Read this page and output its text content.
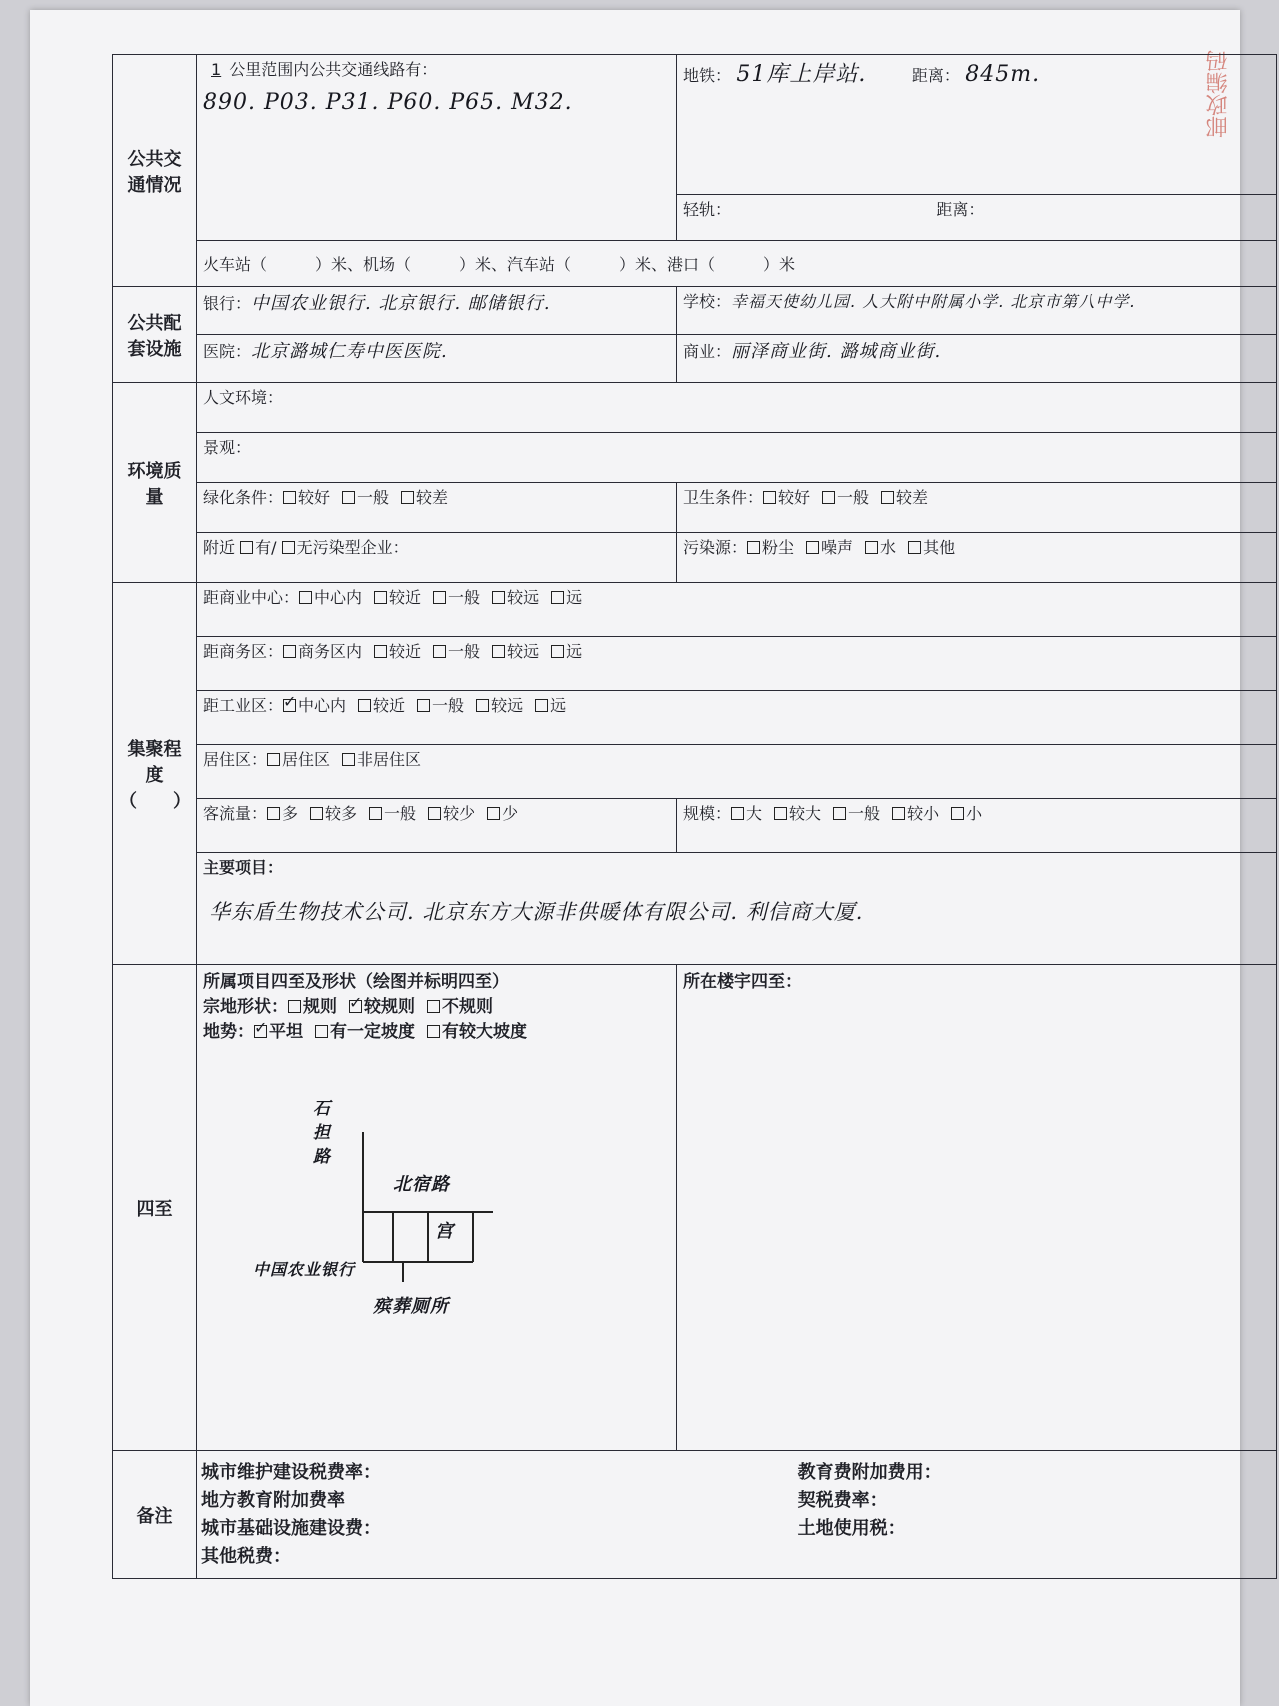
邮政编码
公共交通情况	
1 公里范围内公共交通线路有：
890. P03. P31. P60. P65. M32.
	地铁： 51库上岸站.	距离： 845m.
轻轨：	距离：
火车站（　　　）米、机场（　　　）米、汽车站（　　　）米、港口（　　　）米
公共配套设施	银行：中国农业银行. 北京银行. 邮储银行.	学校：幸福天使幼儿园. 人大附中附属小学. 北京市第八中学.
医院：北京潞城仁寿中医医院.	商业：丽泽商业街. 潞城商业街.
环境质量	人文环境：
景观：
绿化条件： 较好 一般 较差	卫生条件： 较好 一般 较差
附近 有/ 无污染型企业：	污染源： 粉尘 噪声 水 其他

集聚程度
（　　）
	距商业中心： 中心内 较近 一般 较远 远
距商务区： 商务区内 较近 一般 较远 远
距工业区： ✓ 中心内 较近 一般 较远 远
居住区： 居住区 非居住区
客流量： 多 较多 一般 较少 少	规模： 大 较大 一般 较小 小

主要项目：
华东盾生物技术公司. 北京东方大源非供暖体有限公司. 利信商大厦.

四至	
所属项目四至及形状（绘图并标明四至）
宗地形状： 规则 ✓ 较规则 不规则
地势： ✓ 平坦 有一定坡度 有较大坡度
石担路
北宿路
宫
中国农业银行
殡葬厕所
	所在楼宇四至：
备注	
城市维护建设税费率：	教育费附加费用：
地方教育附加费率	契税费率：
城市基础设施建设费：	土地使用税：
其他税费：	
